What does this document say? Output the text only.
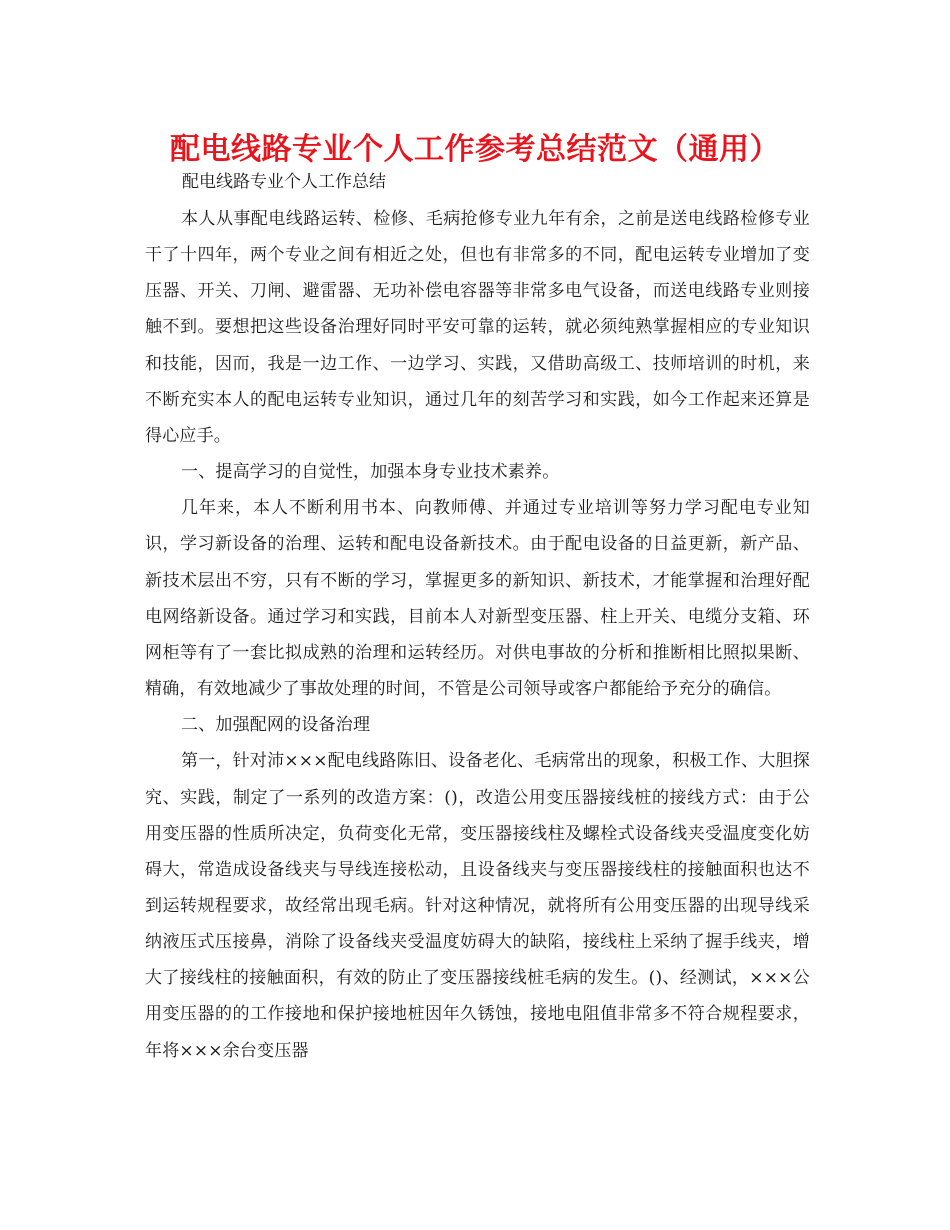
配电线路专业个人工作参考总结范文（通用）

配电线路专业个人工作总结

本人从事配电线路运转、检修、毛病抢修专业九年有余，之前是送电线路检修专业干了十四年，两个专业之间有相近之处，但也有非常多的不同，配电运转专业增加了变压器、开关、刀闸、避雷器、无功补偿电容器等非常多电气设备，而送电线路专业则接触不到。要想把这些设备治理好同时平安可靠的运转，就必须纯熟掌握相应的专业知识和技能，因而，我是一边工作、一边学习、实践，又借助高级工、技师培训的时机，来不断充实本人的配电运转专业知识，通过几年的刻苦学习和实践，如今工作起来还算是得心应手。

一、提高学习的自觉性，加强本身专业技术素养。

几年来，本人不断利用书本、向教师傅、并通过专业培训等努力学习配电专业知识，学习新设备的治理、运转和配电设备新技术。由于配电设备的日益更新，新产品、新技术层出不穷，只有不断的学习，掌握更多的新知识、新技术，才能掌握和治理好配电网络新设备。通过学习和实践，目前本人对新型变压器、柱上开关、电缆分支箱、环网柜等有了一套比拟成熟的治理和运转经历。对供电事故的分析和推断相比照拟果断、精确，有效地减少了事故处理的时间，不管是公司领导或客户都能给予充分的确信。

二、加强配网的设备治理

第一，针对沛×××配电线路陈旧、设备老化、毛病常出的现象，积极工作、大胆探究、实践，制定了一系列的改造方案：()，改造公用变压器接线桩的接线方式：由于公用变压器的性质所决定，负荷变化无常，变压器接线柱及螺栓式设备线夹受温度变化妨碍大，常造成设备线夹与导线连接松动，且设备线夹与变压器接线柱的接触面积也达不到运转规程要求，故经常出现毛病。针对这种情况，就将所有公用变压器的出现导线采纳液压式压接鼻，消除了设备线夹受温度妨碍大的缺陷，接线柱上采纳了握手线夹，增大了接线柱的接触面积，有效的防止了变压器接线桩毛病的发生。()、经测试，×××公用变压器的的工作接地和保护接地桩因年久锈蚀，接地电阻值非常多不符合规程要求，年将×××余台变压器
